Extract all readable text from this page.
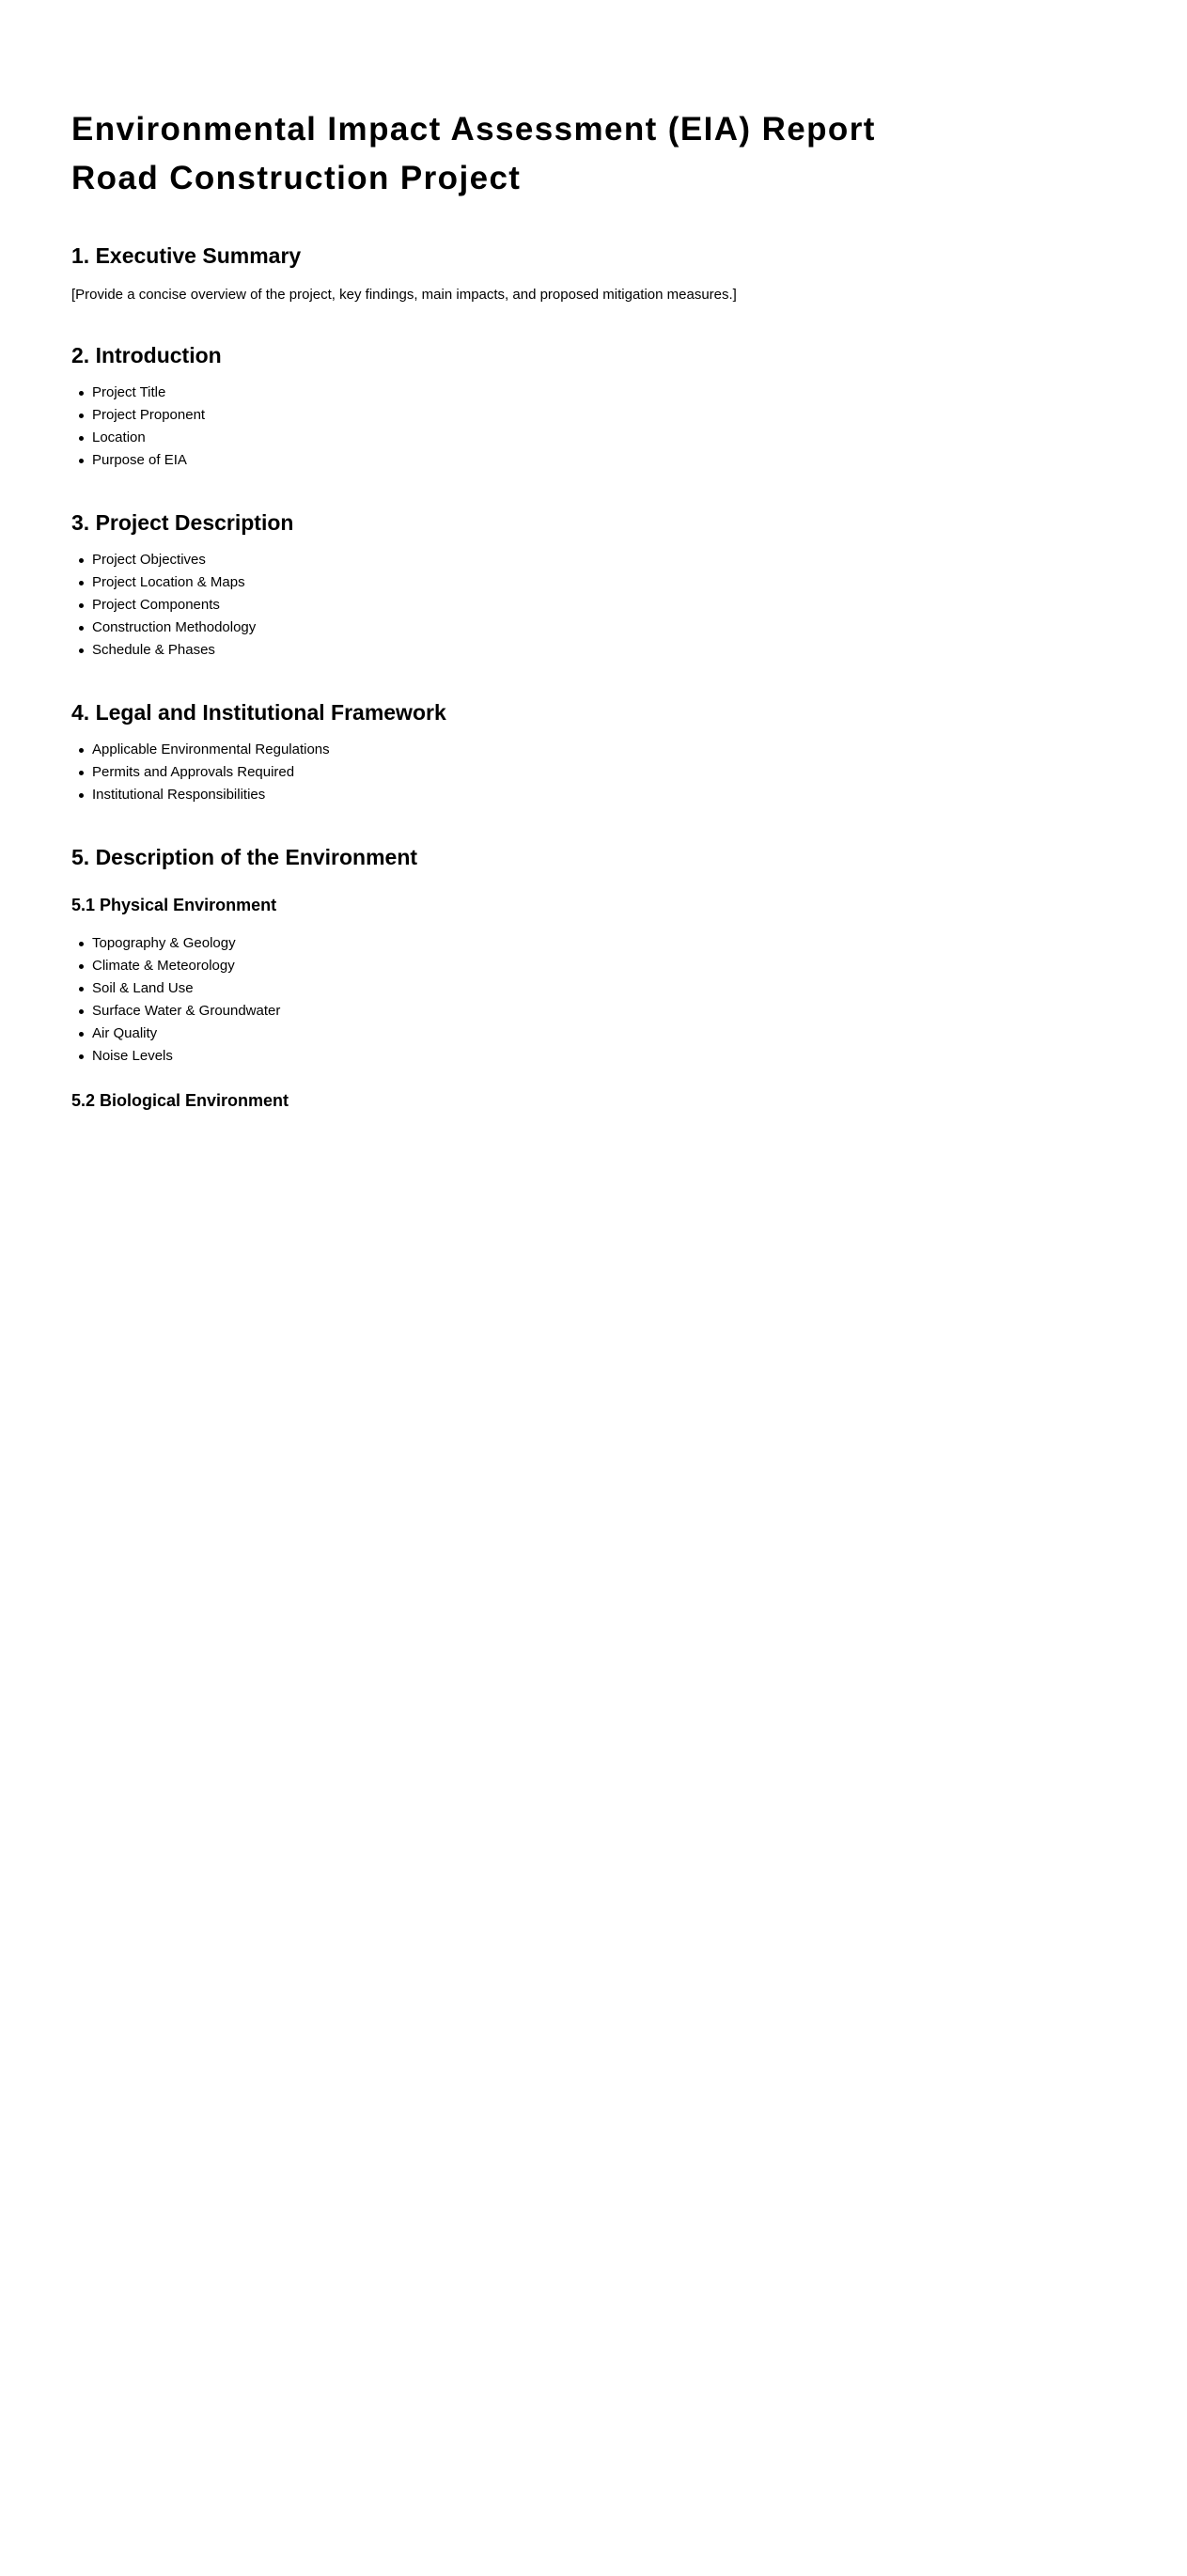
Environmental Impact Assessment (EIA) Report
Road Construction Project
1. Executive Summary

[Provide a concise overview of the project, key findings, main impacts, and proposed mitigation measures.]

2. Introduction
Project Title
Project Proponent
Location
Purpose of EIA
3. Project Description
Project Objectives
Project Location & Maps
Project Components
Construction Methodology
Schedule & Phases
4. Legal and Institutional Framework
Applicable Environmental Regulations
Permits and Approvals Required
Institutional Responsibilities
5. Description of the Environment
5.1 Physical Environment
Topography & Geology
Climate & Meteorology
Soil & Land Use
Surface Water & Groundwater
Air Quality
Noise Levels
5.2 Biological Environment
